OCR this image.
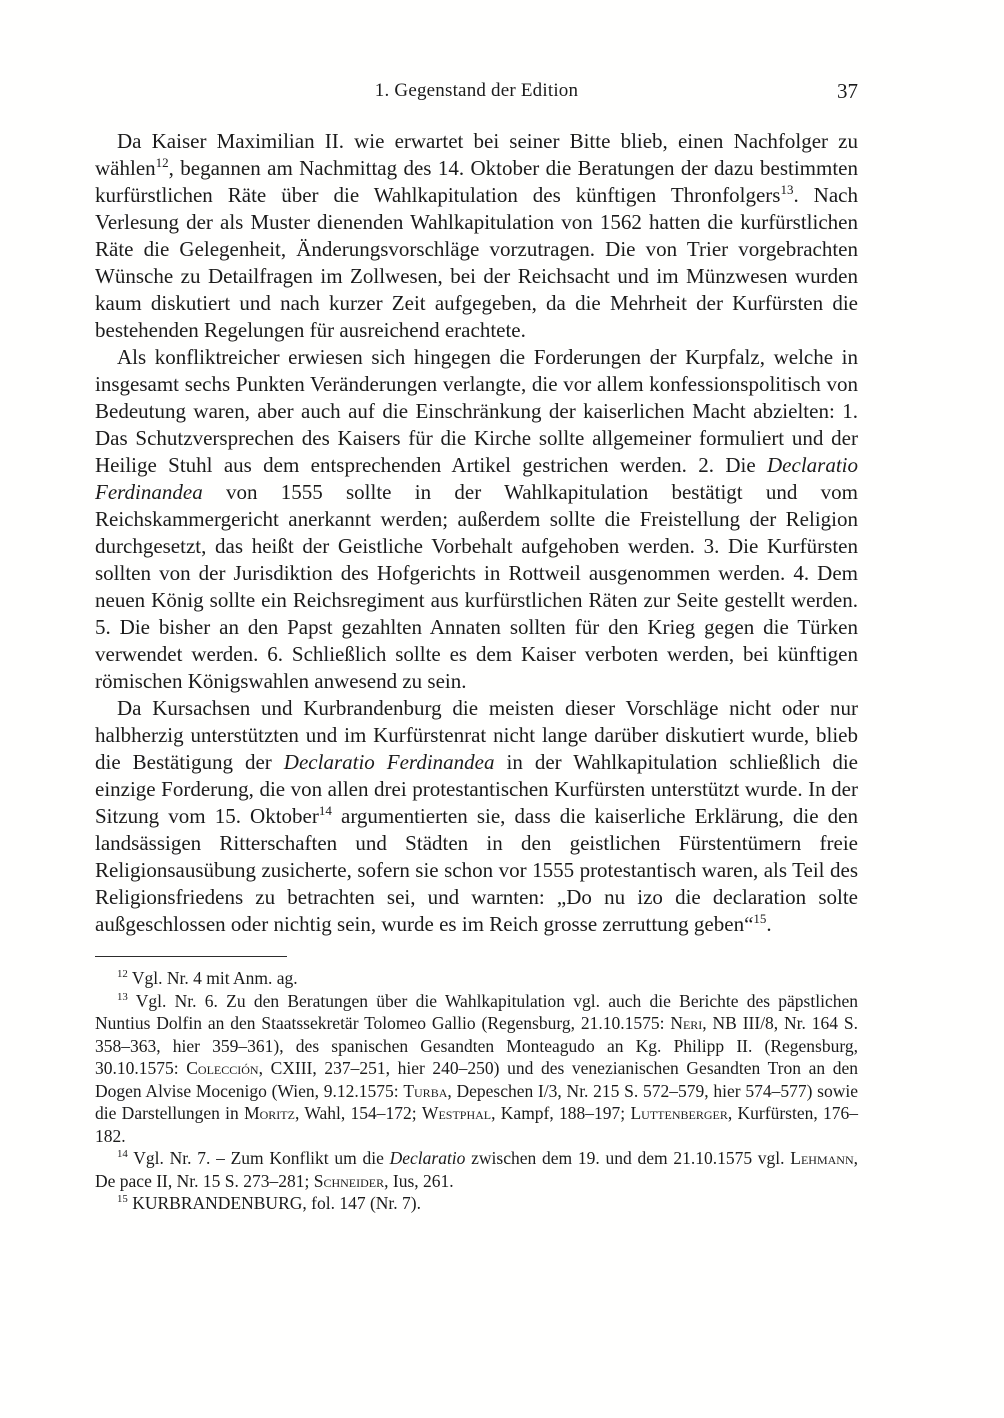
1. Gegenstand der Edition	37

Da Kaiser Maximilian II. wie erwartet bei seiner Bitte blieb, einen Nachfolger zu wählen$^{12}$, begannen am Nachmittag des 14. Oktober die Beratungen der dazu bestimmten kurfürstlichen Räte über die Wahlkapitulation des künftigen Thronfolgers$^{13}$. Nach Verlesung der als Muster dienenden Wahlkapitulation von 1562 hatten die kurfürstlichen Räte die Gelegenheit, Änderungsvorschläge vorzutragen. Die von Trier vorgebrachten Wünsche zu Detailfragen im Zollwesen, bei der Reichsacht und im Münzwesen wurden kaum diskutiert und nach kurzer Zeit aufgegeben, da die Mehrheit der Kurfürsten die bestehenden Regelungen für ausreichend erachtete.

Als konfliktreicher erwiesen sich hingegen die Forderungen der Kurpfalz, welche in insgesamt sechs Punkten Veränderungen verlangte, die vor allem konfessionspolitisch von Bedeutung waren, aber auch auf die Einschränkung der kaiserlichen Macht abzielten: 1. Das Schutzversprechen des Kaisers für die Kirche sollte allgemeiner formuliert und der Heilige Stuhl aus dem entsprechenden Artikel gestrichen werden. 2. Die Declaratio Ferdinandea von 1555 sollte in der Wahlkapitulation bestätigt und vom Reichskammergericht anerkannt werden; außerdem sollte die Freistellung der Religion durchgesetzt, das heißt der Geistliche Vorbehalt aufgehoben werden. 3. Die Kurfürsten sollten von der Jurisdiktion des Hofgerichts in Rottweil ausgenommen werden. 4. Dem neuen König sollte ein Reichsregiment aus kurfürstlichen Räten zur Seite gestellt werden. 5. Die bisher an den Papst gezahlten Annaten sollten für den Krieg gegen die Türken verwendet werden. 6. Schließlich sollte es dem Kaiser verboten werden, bei künftigen römischen Königswahlen anwesend zu sein.

Da Kursachsen und Kurbrandenburg die meisten dieser Vorschläge nicht oder nur halbherzig unterstützten und im Kurfürstenrat nicht lange darüber diskutiert wurde, blieb die Bestätigung der Declaratio Ferdinandea in der Wahlkapitulation schließlich die einzige Forderung, die von allen drei protestantischen Kurfürsten unterstützt wurde. In der Sitzung vom 15. Oktober$^{14}$ argumentierten sie, dass die kaiserliche Erklärung, die den landsässigen Ritterschaften und Städten in den geistlichen Fürstentümern freie Religionsausübung zusicherte, sofern sie schon vor 1555 protestantisch waren, als Teil des Religionsfriedens zu betrachten sei, und warnten: „Do nu izo die declaration solte außgeschlossen oder nichtig sein, wurde es im Reich grosse zerruttung geben“$^{15}$.

$^{12}$ Vgl. Nr. 4 mit Anm. ag.

$^{13}$ Vgl. Nr. 6. Zu den Beratungen über die Wahlkapitulation vgl. auch die Berichte des päpstlichen Nuntius Dolfin an den Staatssekretär Tolomeo Gallio (Regensburg, 21.10.1575: Neri, NB III/8, Nr. 164 S. 358–363, hier 359–361), des spanischen Gesandten Monteagudo an Kg. Philipp II. (Regensburg, 30.10.1575: Colección, CXIII, 237–251, hier 240–250) und des venezianischen Gesandten Tron an den Dogen Alvise Mocenigo (Wien, 9.12.1575: Turba, Depeschen I/3, Nr. 215 S. 572–579, hier 574–577) sowie die Darstellungen in Moritz, Wahl, 154–172; Westphal, Kampf, 188–197; Luttenberger, Kurfürsten, 176–182.

$^{14}$ Vgl. Nr. 7. – Zum Konflikt um die Declaratio zwischen dem 19. und dem 21.10.1575 vgl. Lehmann, De pace II, Nr. 15 S. 273–281; Schneider, Ius, 261.

$^{15}$ KURBRANDENBURG, fol. 147 (Nr. 7).
